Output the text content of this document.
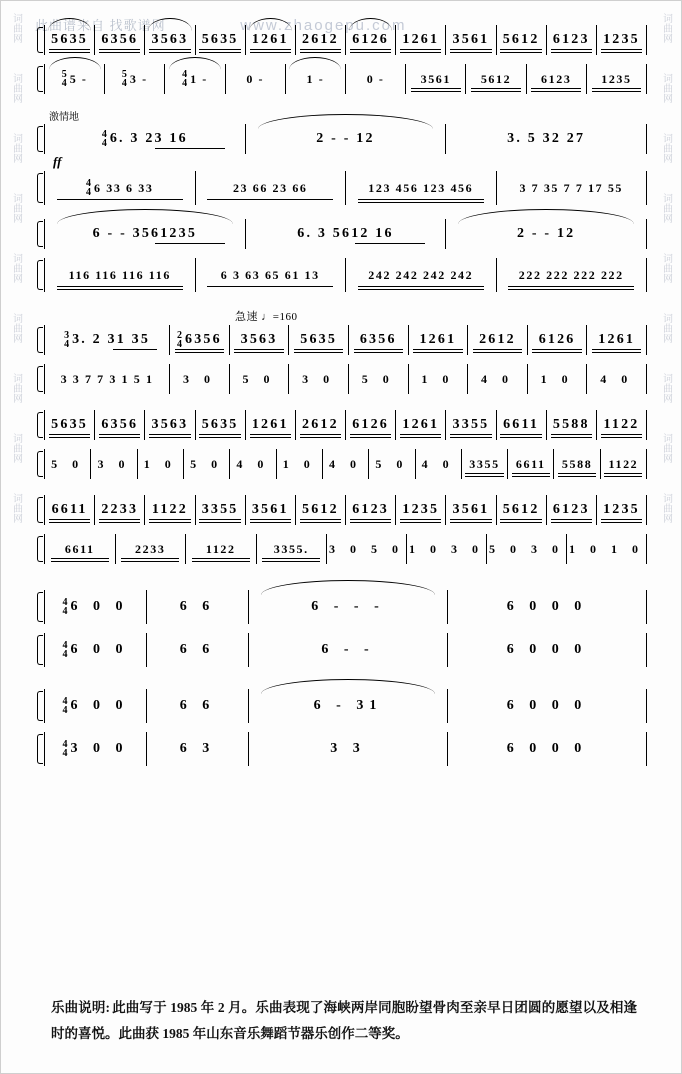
此曲谱来自 找歌谱网	www.zhaogepu.com
词曲网
词曲网
词曲网
词曲网
词曲网
词曲网
词曲网
词曲网
词曲网
词曲网
词曲网
词曲网
词曲网
词曲网
词曲网
词曲网
词曲网
词曲网
5635 6356 3563 5635 1261 2612 6126 1261 3561 5612 6123 1235
5
4 5 -	5
4 3 -	4
4 1 -	0 -	1 -	0 -	3561 5612 6123 1235
激情地
4
4 6. 3 23 16	2 - - 12	3. 5 32 27
ff
4
4 6 33 6 33	23 66 23 66	123 456 123 456	3 7 35 7 7 17 55
6 - - 3561235	6. 3 5612 16	2 - - 12
116 116 116 116	6 3 63 65 61 13	242 242 242 242	222 222 222 222
急速 ♩=160
3
4 3. 2 31 35	2
4 6356 3563 5635 6356 1261 2612 6126 1261
3 3 7 7 3 1 5 1 3 0 5 0 3 0 5 0 1 0 4 0 1 0 4 0
5635 6356 3563 5635 1261 2612 6126 1261 3355 6611 5588 1122
5 0 3 0 1 0 5 0 4 0 1 0 4 0 5 0 4 0 3355 6611 5588 1122
6611 2233 1122 3355 3561 5612 6123 1235 3561 5612 6123 1235
6611	2233	1122	3355. 3 0 5 0 1 0 3 0 5 0 3 0 1 0 1 0
4
4 6 0 0	6 6	6 - - -	6 0 0 0
4
4 6 0 0	6 6	6 - -	6 0 0 0
4
4 6 0 0	6 6	6 - 31	6 0 0 0
4
4 3 0 0	6 3	3 3	6 0 0 0
乐曲说明: 此曲写于 1985 年 2 月。乐曲表现了海峡两岸同胞盼望骨肉至亲早日团圆的愿望以及相逢时的喜悦。此曲获 1985 年山东音乐舞蹈节器乐创作二等奖。
